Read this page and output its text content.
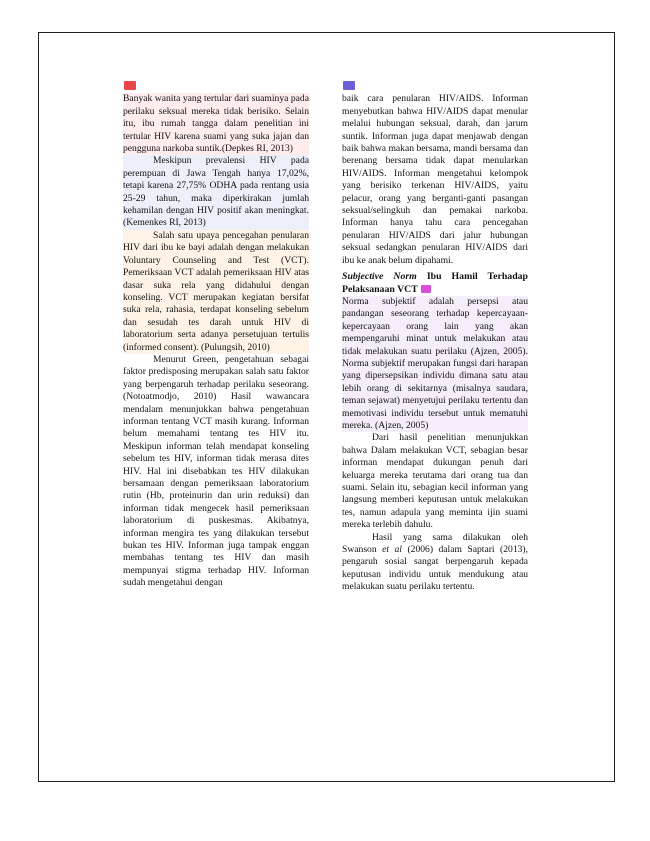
Banyak wanita yang tertular dari suaminya pada perilaku seksual mereka tidak berisiko. Selain itu, ibu rumah tangga dalam penelitian ini tertular HIV karena suami yang suka jajan dan pengguna narkoba suntik.(Depkes RI, 2013)

Meskipun prevalensi HIV pada perempuan di Jawa Tengah hanya 17,02%, tetapi karena 27,75% ODHA pada rentang usia 25-29 tahun, maka diperkirakan jumlah kehamilan dengan HIV positif akan meningkat.(Kemenkes RI, 2013)

Salah satu upaya pencegahan penularan HIV dari ibu ke bayi adalah dengan melakukan Voluntary Counseling and Test (VCT). Pemeriksaan VCT adalah pemeriksaan HIV atas dasar suka rela yang didahului dengan konseling. VCT merupakan kegiatan bersifat suka rela, rahasia, terdapat konseling sebelum dan sesudah tes darah untuk HIV di laboratorium serta adanya persetujuan tertulis (informed consent). (Pulungsih, 2010)

Menurut Green, pengetahuan sebagai faktor predisposing merupakan salah satu faktor yang berpengaruh terhadap perilaku seseorang. (Notoatmodjo, 2010) Hasil wawancara mendalam menunjukkan bahwa pengetahuan informan tentang VCT masih kurang. Informan belum memahami tentang tes HIV itu. Meskipun informan telah mendapat konseling sebelum tes HIV, informan tidak merasa dites HIV. Hal ini disebabkan tes HIV dilakukan bersamaan dengan pemeriksaan laboratorium rutin (Hb, proteinurin dan urin reduksi) dan informan tidak mengecek hasil pemeriksaan laboratorium di puskesmas. Akibatnya, informan mengira tes yang dilakukan tersebut bukan tes HIV. Informan juga tampak enggan membahas tentang tes HIV dan masih mempunyai stigma terhadap HIV. Informan sudah mengetahui dengan

baik cara penularan HIV/AIDS. Informan menyebutkan bahwa HIV/AIDS dapat menular melalui hubungan seksual, darah, dan jarum suntik. Informan juga dapat menjawab dengan baik bahwa makan bersama, mandi bersama dan berenang bersama tidak dapat menularkan HIV/AIDS. Informan mengetahui kelompok yang berisiko terkenan HIV/AIDS, yaitu pelacur, orang yang berganti-ganti pasangan seksual/selingkuh dan pemakai narkoba. Informan hanya tahu cara pencegahan penularan HIV/AIDS dari jalur hubungan seksual sedangkan penularan HIV/AIDS dari ibu ke anak belum dipahami.

Subjective Norm Ibu Hamil Terhadap Pelaksanaan VCT

Norma subjektif adalah persepsi atau pandangan seseorang terhadap kepercayaan-kepercayaan orang lain yang akan mempengaruhi minat untuk melakukan atau tidak melakukan suatu perilaku (Ajzen, 2005). Norma subjektif merupakan fungsi dari harapan yang dipersepsikan individu dimana satu atau lebih orang di sekitarnya (misalnya saudara, teman sejawat) menyetujui perilaku tertentu dan memotivasi individu tersebut untuk mematuhi mereka. (Ajzen, 2005)

Dari hasil penelitian menunjukkan bahwa Dalam melakukan VCT, sebagian besar informan mendapat dukungan penuh dari keluarga mereka terutama dari orang tua dan suami. Selain itu, sebagian kecil informan yang langsung memberi keputusan untuk melakukan tes, namun adapula yang meminta ijin suami mereka terlebih dahulu.

Hasil yang sama dilakukan oleh Swanson et al (2006) dalam Saptari (2013), pengaruh sosial sangat berpengaruh kepada keputusan individu untuk mendukung atau melakukan suatu perilaku tertentu.
